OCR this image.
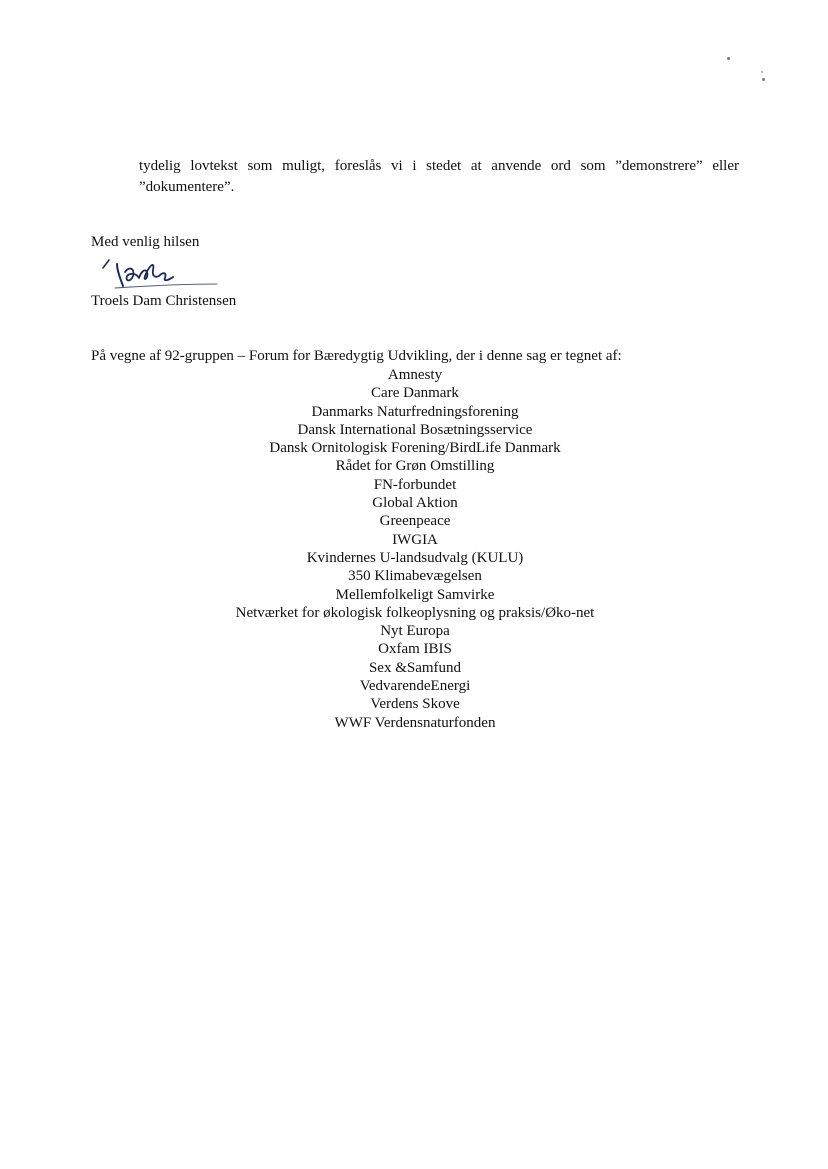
tydelig lovtekst som muligt, foreslås vi i stedet at anvende ord som ”demonstrere” eller ”dokumentere”.
Med venlig hilsen
Troels Dam Christensen
På vegne af 92-gruppen – Forum for Bæredygtig Udvikling, der i denne sag er tegnet af:
Amnesty
Care Danmark
Danmarks Naturfredningsforening
Dansk International Bosætningsservice
Dansk Ornitologisk Forening/BirdLife Danmark
Rådet for Grøn Omstilling
FN-forbundet
Global Aktion
Greenpeace
IWGIA
Kvindernes U-landsudvalg (KULU)
350 Klimabevægelsen
Mellemfolkeligt Samvirke
Netværket for økologisk folkeoplysning og praksis/Øko-net
Nyt Europa
Oxfam IBIS
Sex &Samfund
VedvarendeEnergi
Verdens Skove
WWF Verdensnaturfonden
